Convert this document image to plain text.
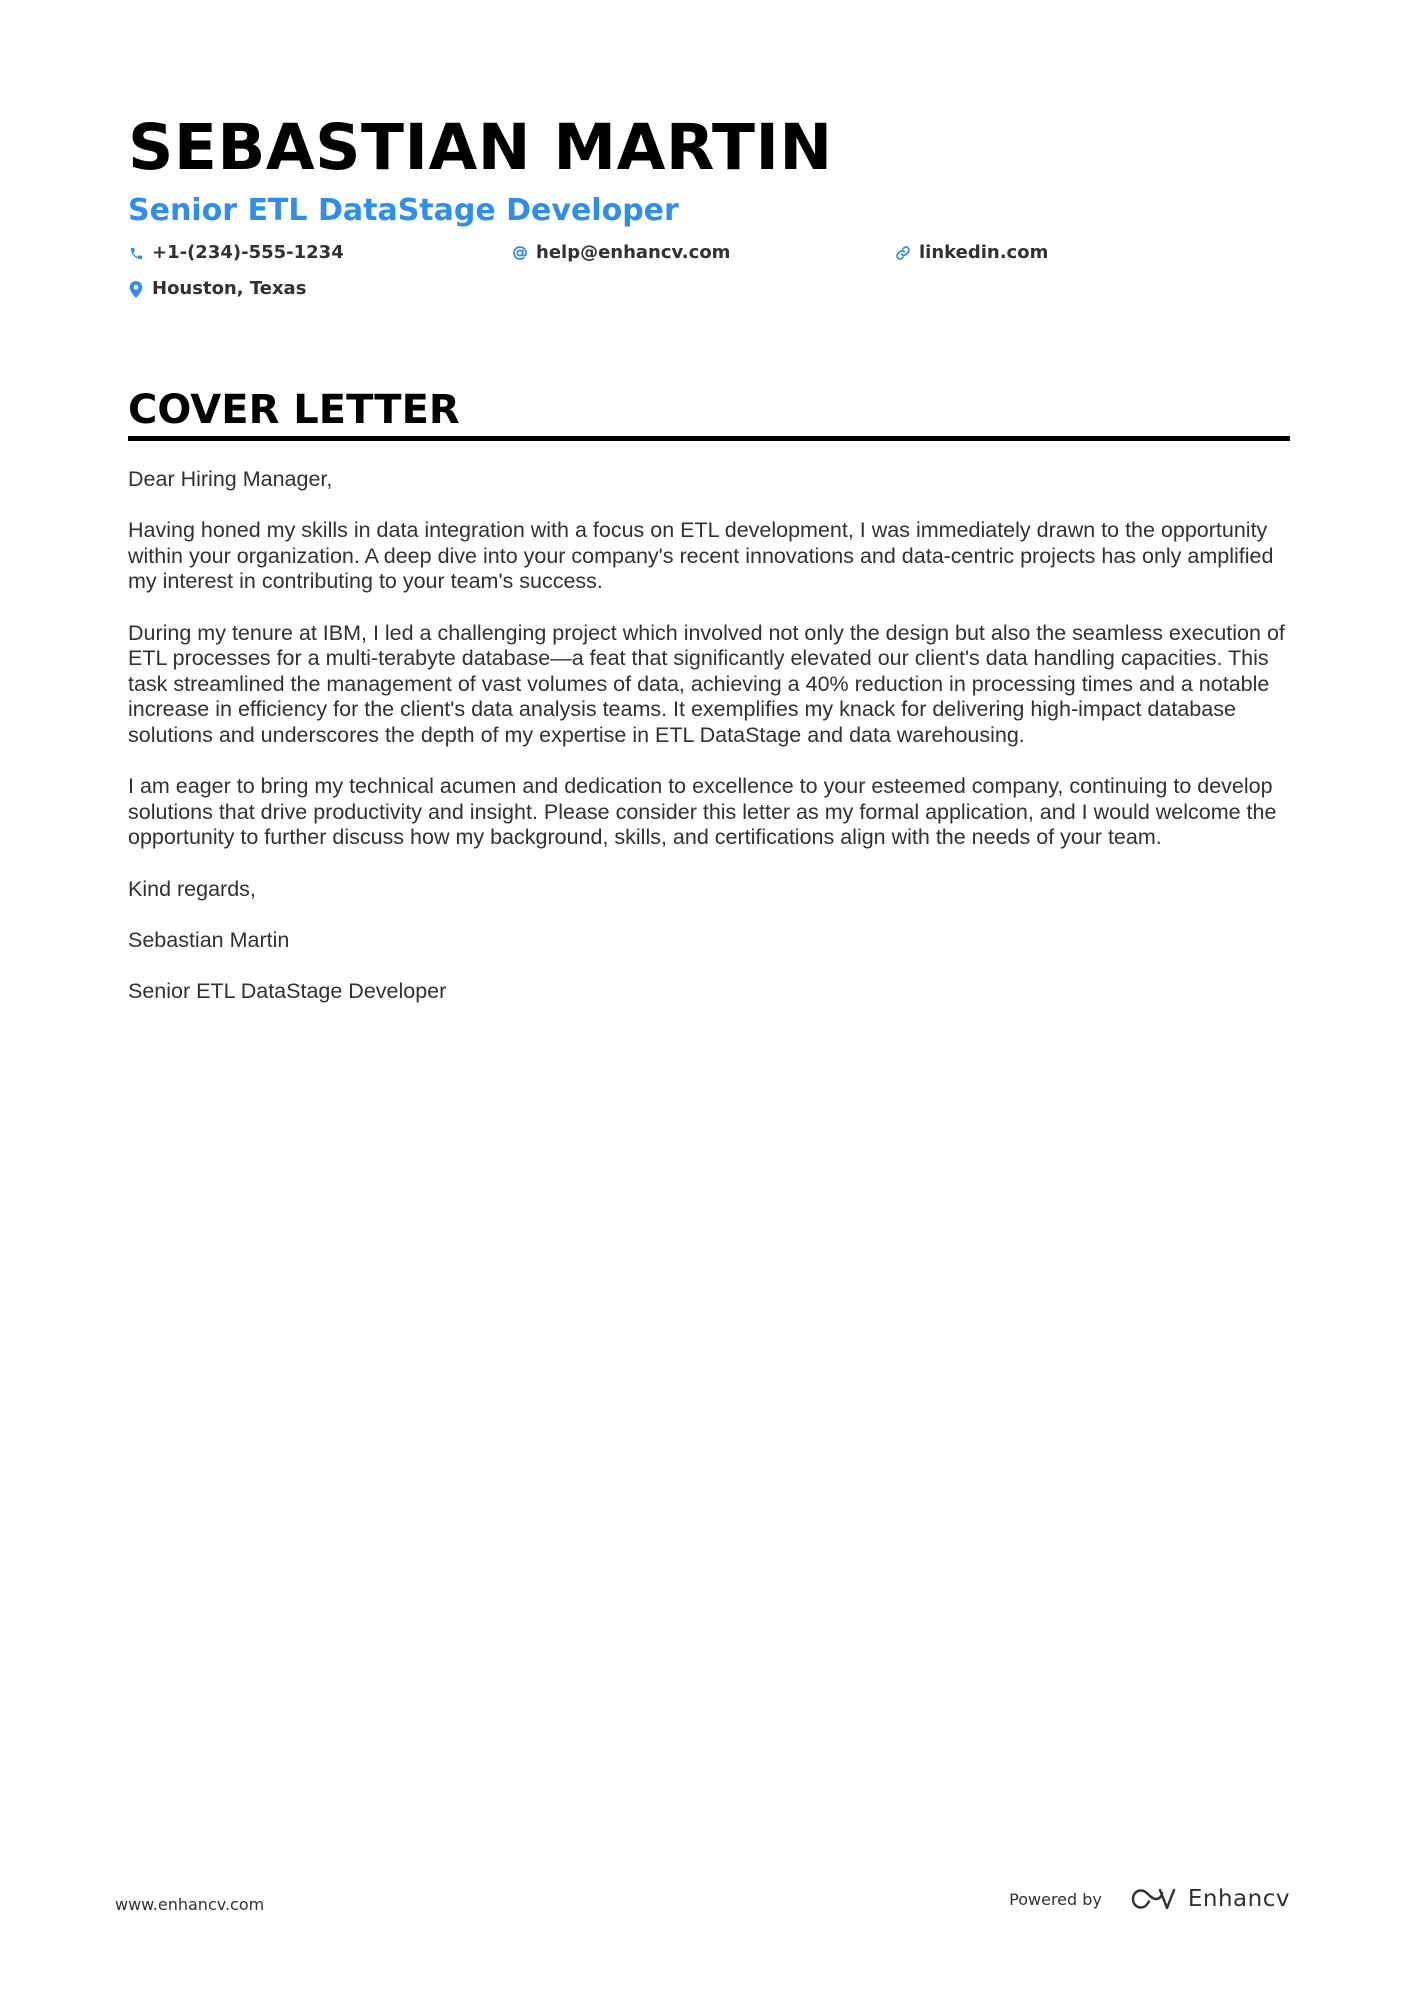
SEBASTIAN MARTIN
Senior ETL DataStage Developer
+1-(234)-555-1234	help@enhancv.com	linkedin.com
Houston, Texas
COVER LETTER

Dear Hiring Manager,

Having honed my skills in data integration with a focus on ETL development, I was immediately drawn to the opportunity within your organization. A deep dive into your company's recent innovations and data-centric projects has only amplified my interest in contributing to your team's success.

During my tenure at IBM, I led a challenging project which involved not only the design but also the seamless execution of ETL processes for a multi-terabyte database—a feat that significantly elevated our client's data handling capacities. This task streamlined the management of vast volumes of data, achieving a 40% reduction in processing times and a notable increase in efficiency for the client's data analysis teams. It exemplifies my knack for delivering high-impact database solutions and underscores the depth of my expertise in ETL DataStage and data warehousing.

I am eager to bring my technical acumen and dedication to excellence to your esteemed company, continuing to develop solutions that drive productivity and insight. Please consider this letter as my formal application, and I would welcome the opportunity to further discuss how my background, skills, and certifications align with the needs of your team.

Kind regards,

Sebastian Martin

Senior ETL DataStage Developer

www.enhancv.com	Powered by	Enhancv
